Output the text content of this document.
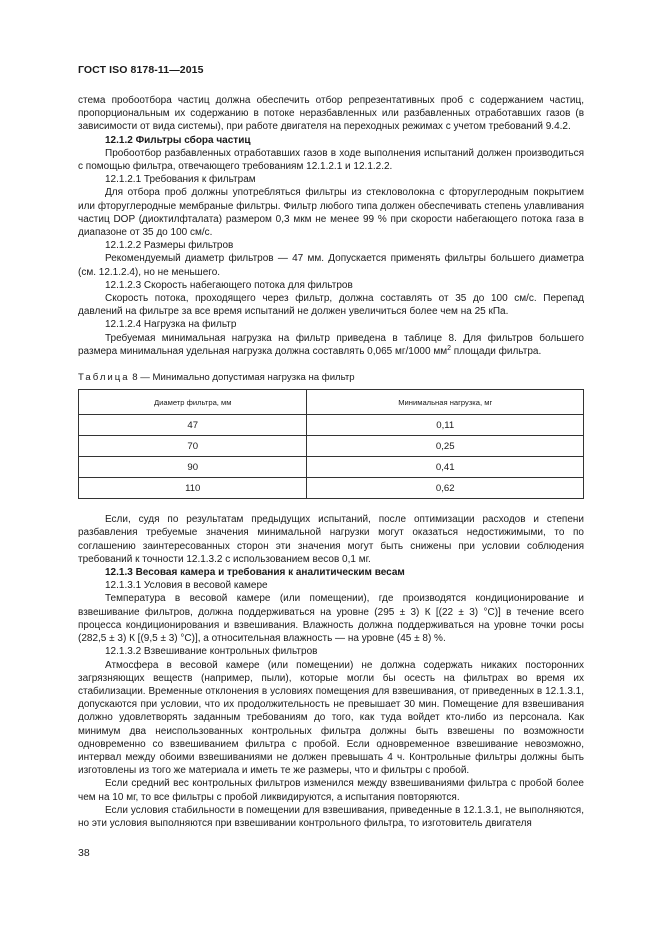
ГОСТ ISO 8178-11—2015

стема пробоотбора частиц должна обеспечить отбор репрезентативных проб с содержанием частиц, пропорциональным их содержанию в потоке неразбавленных или разбавленных отработавших газов (в зависимости от вида системы), при работе двигателя на переходных режимах с учетом требований 9.4.2.

12.1.2 Фильтры сбора частиц

Пробоотбор разбавленных отработавших газов в ходе выполнения испытаний должен производиться с помощью фильтра, отвечающего требованиям 12.1.2.1 и 12.1.2.2.

12.1.2.1 Требования к фильтрам

Для отбора проб должны употребляться фильтры из стекловолокна с фторуглеродным покрытием или фторуглеродные мембраные фильтры. Фильтр любого типа должен обеспечивать степень улавливания частиц DOP (диоктилфталата) размером 0,3 мкм не менее 99 % при скорости набегающего потока газа в диапазоне от 35 до 100 см/с.

12.1.2.2 Размеры фильтров

Рекомендуемый диаметр фильтров — 47 мм. Допускается применять фильтры большего диаметра (см. 12.1.2.4), но не меньшего.

12.1.2.3 Скорость набегающего потока для фильтров

Скорость потока, проходящего через фильтр, должна составлять от 35 до 100 см/с. Перепад давлений на фильтре за все время испытаний не должен увеличиться более чем на 25 кПа.

12.1.2.4 Нагрузка на фильтр

Требуемая минимальная нагрузка на фильтр приведена в таблице 8. Для фильтров большего размера минимальная удельная нагрузка должна составлять 0,065 мг/1000 $мм^2$ площади фильтра.

Таблица 8 — Минимально допустимая нагрузка на фильтр

Диаметр фильтра, мм	Минимальная нагрузка, мг
47	0,11
70	0,25
90	0,41
110	0,62

Если, судя по результатам предыдущих испытаний, после оптимизации расходов и степени разбавления требуемые значения минимальной нагрузки могут оказаться недостижимыми, то по соглашению заинтересованных сторон эти значения могут быть снижены при условии соблюдения требований к точности 12.1.3.2 с использованием весов 0,1 мг.

12.1.3 Весовая камера и требования к аналитическим весам

12.1.3.1 Условия в весовой камере

Температура в весовой камере (или помещении), где производятся кондиционирование и взвешивание фильтров, должна поддерживаться на уровне (295 ± 3) К [(22 ± 3) °С)] в течение всего процесса кондиционирования и взвешивания. Влажность должна поддерживаться на уровне точки росы (282,5 ± 3) К [(9,5 ± 3) °С)], а относительная влажность — на уровне (45 ± 8) %.

12.1.3.2 Взвешивание контрольных фильтров

Атмосфера в весовой камере (или помещении) не должна содержать никаких посторонних загрязняющих веществ (например, пыли), которые могли бы осесть на фильтрах во время их стабилизации. Временные отклонения в условиях помещения для взвешивания, от приведенных в 12.1.3.1, допускаются при условии, что их продолжительность не превышает 30 мин. Помещение для взвешивания должно удовлетворять заданным требованиям до того, как туда войдет кто-либо из персонала. Как минимум два неиспользованных контрольных фильтра должны быть взвешены по возможности одновременно со взвешиванием фильтра с пробой. Если одновременное взвешивание невозможно, интервал между обоими взвешиваниями не должен превышать 4 ч. Контрольные фильтры должны быть изготовлены из того же материала и иметь те же размеры, что и фильтры с пробой.

Если средний вес контрольных фильтров изменился между взвешиваниями фильтра с пробой более чем на 10 мг, то все фильтры с пробой ликвидируются, а испытания повторяются.

Если условия стабильности в помещении для взвешивания, приведенные в 12.1.3.1, не выполняются, но эти условия выполняются при взвешивании контрольного фильтра, то изготовитель двигателя

38
